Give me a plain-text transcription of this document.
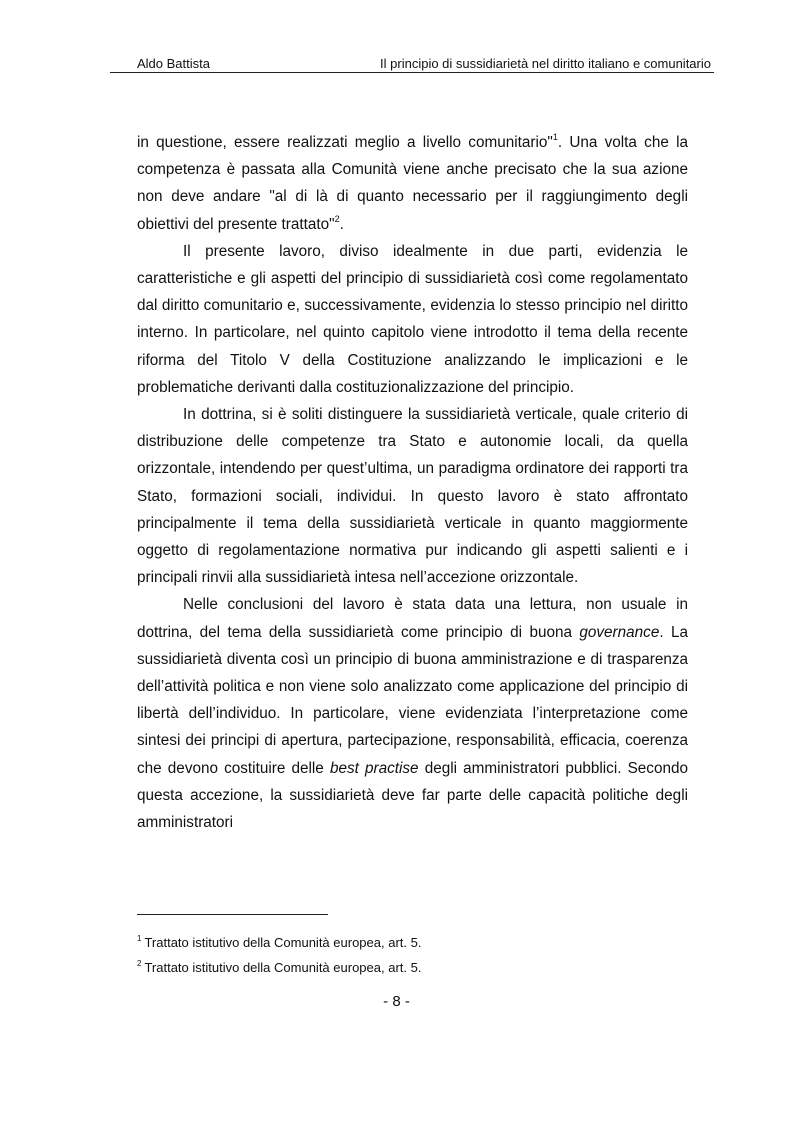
Aldo Battista	Il principio di sussidiarietà nel diritto italiano e comunitario

in questione, essere realizzati meglio a livello comunitario"$^1$. Una volta che la competenza è passata alla Comunità viene anche precisato che la sua azione non deve andare "al di là di quanto necessario per il raggiungimento degli obiettivi del presente trattato"$^2$.

Il presente lavoro, diviso idealmente in due parti, evidenzia le caratteristiche e gli aspetti del principio di sussidiarietà così come regolamentato dal diritto comunitario e, successivamente, evidenzia lo stesso principio nel diritto interno. In particolare, nel quinto capitolo viene introdotto il tema della recente riforma del Titolo V della Costituzione analizzando le implicazioni e le problematiche derivanti dalla costituzionalizzazione del principio.

In dottrina, si è soliti distinguere la sussidiarietà verticale, quale criterio di distribuzione delle competenze tra Stato e autonomie locali, da quella orizzontale, intendendo per quest’ultima, un paradigma ordinatore dei rapporti tra Stato, formazioni sociali, individui. In questo lavoro è stato affrontato principalmente il tema della sussidiarietà verticale in quanto maggiormente oggetto di regolamentazione normativa pur indicando gli aspetti salienti e i principali rinvii alla sussidiarietà intesa nell’accezione orizzontale.

Nelle conclusioni del lavoro è stata data una lettura, non usuale in dottrina, del tema della sussidiarietà come principio di buona governance. La sussidiarietà diventa così un principio di buona amministrazione e di trasparenza dell’attività politica e non viene solo analizzato come applicazione del principio di libertà dell’individuo. In particolare, viene evidenziata l’interpretazione come sintesi dei principi di apertura, partecipazione, responsabilità, efficacia, coerenza che devono costituire delle best practise degli amministratori pubblici. Secondo questa accezione, la sussidiarietà deve far parte delle capacità politiche degli amministratori

$^1$ Trattato istitutivo della Comunità europea, art. 5.

$^2$ Trattato istitutivo della Comunità europea, art. 5.

- 8 -
